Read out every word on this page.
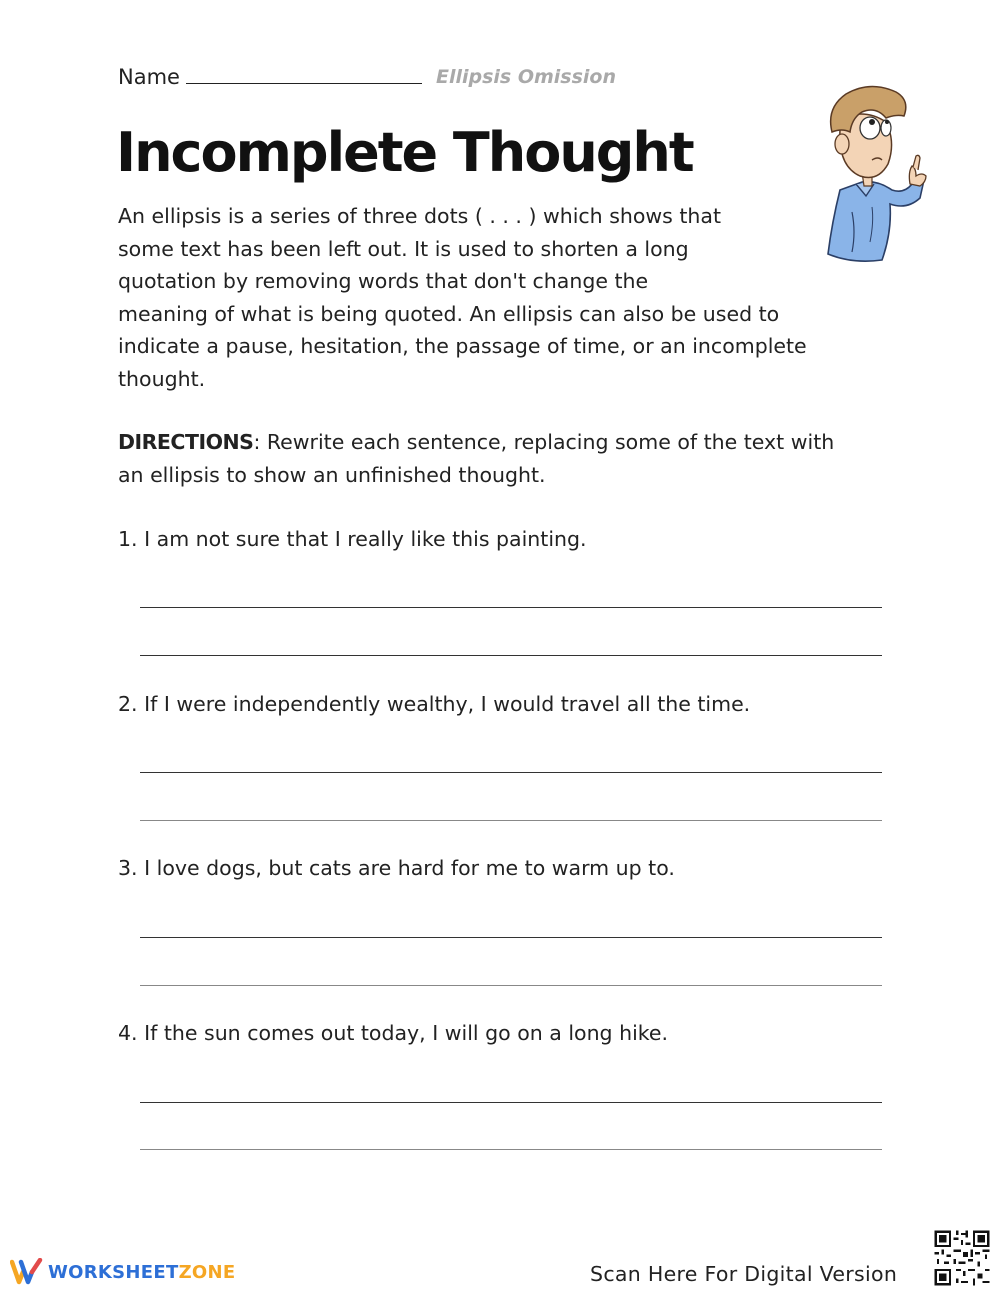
Name	Ellipsis Omission
Incomplete Thought
An ellipsis is a series of three dots ( . . . ) which shows that
some text has been left out. It is used to shorten a long
quotation by removing words that don't change the
meaning of what is being quoted. An ellipsis can also be used to
indicate a pause, hesitation, the passage of time, or an incomplete
thought.
DIRECTIONS: Rewrite each sentence, replacing some of the text with
an ellipsis to show an unfinished thought.
1. I am not sure that I really like this painting.
2. If I were independently wealthy, I would travel all the time.
3. I love dogs, but cats are hard for me to warm up to.
4. If the sun comes out today, I will go on a long hike.
WORKSHEETZONE	Scan Here For Digital Version
